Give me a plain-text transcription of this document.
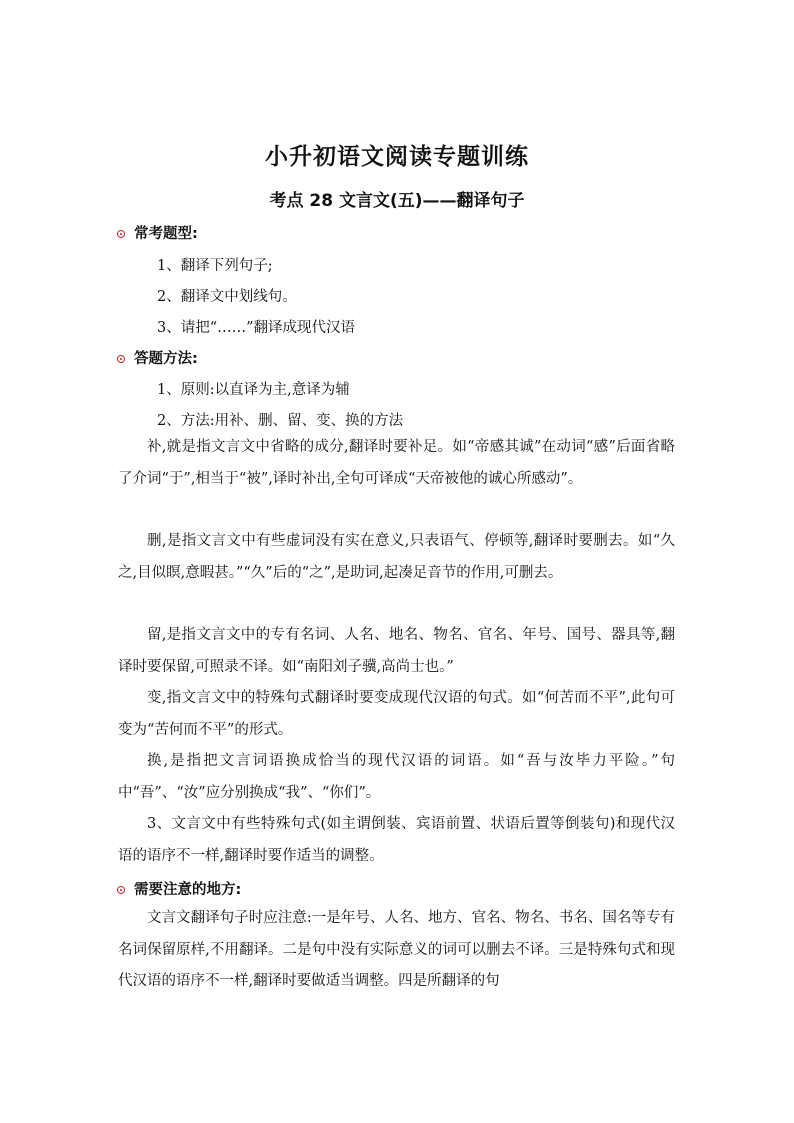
小升初语文阅读专题训练
考点 28 文言文(五)——翻译句子
常考题型:
1、翻译下列句子;
2、翻译文中划线句。
3、请把“……”翻译成现代汉语
答题方法:
1、原则:以直译为主,意译为辅
2、方法:用补、删、留、变、换的方法

补,就是指文言文中省略的成分,翻译时要补足。如“帝感其诚”在动词“感”后面省略了介词“于”,相当于“被”,译时补出,全句可译成“天帝被他的诚心所感动”。

删,是指文言文中有些虚词没有实在意义,只表语气、停顿等,翻译时要删去。如“久之,目似瞑,意暇甚。”“久”后的“之”,是助词,起凑足音节的作用,可删去。

留,是指文言文中的专有名词、人名、地名、物名、官名、年号、国号、器具等,翻译时要保留,可照录不译。如“南阳刘子骥,高尚士也。”

变,指文言文中的特殊句式翻译时要变成现代汉语的句式。如“何苦而不平”,此句可变为“苦何而不平”的形式。

换,是指把文言词语换成恰当的现代汉语的词语。如“吾与汝毕力平险。”句中“吾”、“汝”应分别换成“我”、“你们”。

3、文言文中有些特殊句式(如主谓倒装、宾语前置、状语后置等倒装句)和现代汉语的语序不一样,翻译时要作适当的调整。

需要注意的地方:

文言文翻译句子时应注意:一是年号、人名、地方、官名、物名、书名、国名等专有名词保留原样,不用翻译。二是句中没有实际意义的词可以删去不译。三是特殊句式和现代汉语的语序不一样,翻译时要做适当调整。四是所翻译的句
